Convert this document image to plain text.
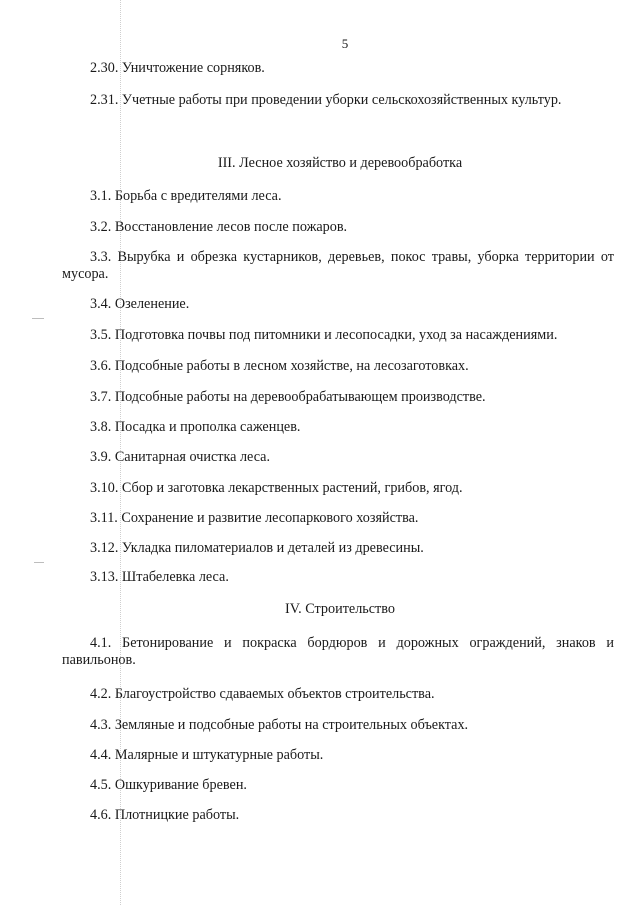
5
2.30. Уничтожение сорняков.
2.31. Учетные работы при проведении уборки сельскохозяйственных культур.
III. Лесное хозяйство и деревообработка
3.1. Борьба с вредителями леса.
3.2. Восстановление лесов после пожаров.
3.3. Вырубка и обрезка кустарников, деревьев, покос травы, уборка территории от мусора.
3.4. Озеленение.
3.5. Подготовка почвы под питомники и лесопосадки, уход за насаждениями.
3.6. Подсобные работы в лесном хозяйстве, на лесозаготовках.
3.7. Подсобные работы на деревообрабатывающем производстве.
3.8. Посадка и прополка саженцев.
3.9. Санитарная очистка леса.
3.10. Сбор и заготовка лекарственных растений, грибов, ягод.
3.11. Сохранение и развитие лесопаркового хозяйства.
3.12. Укладка пиломатериалов и деталей из древесины.
3.13. Штабелевка леса.
IV. Строительство
4.1. Бетонирование и покраска бордюров и дорожных ограждений, знаков и павильонов.
4.2. Благоустройство сдаваемых объектов строительства.
4.3. Земляные и подсобные работы на строительных объектах.
4.4. Малярные и штукатурные работы.
4.5. Ошкуривание бревен.
4.6. Плотницкие работы.
